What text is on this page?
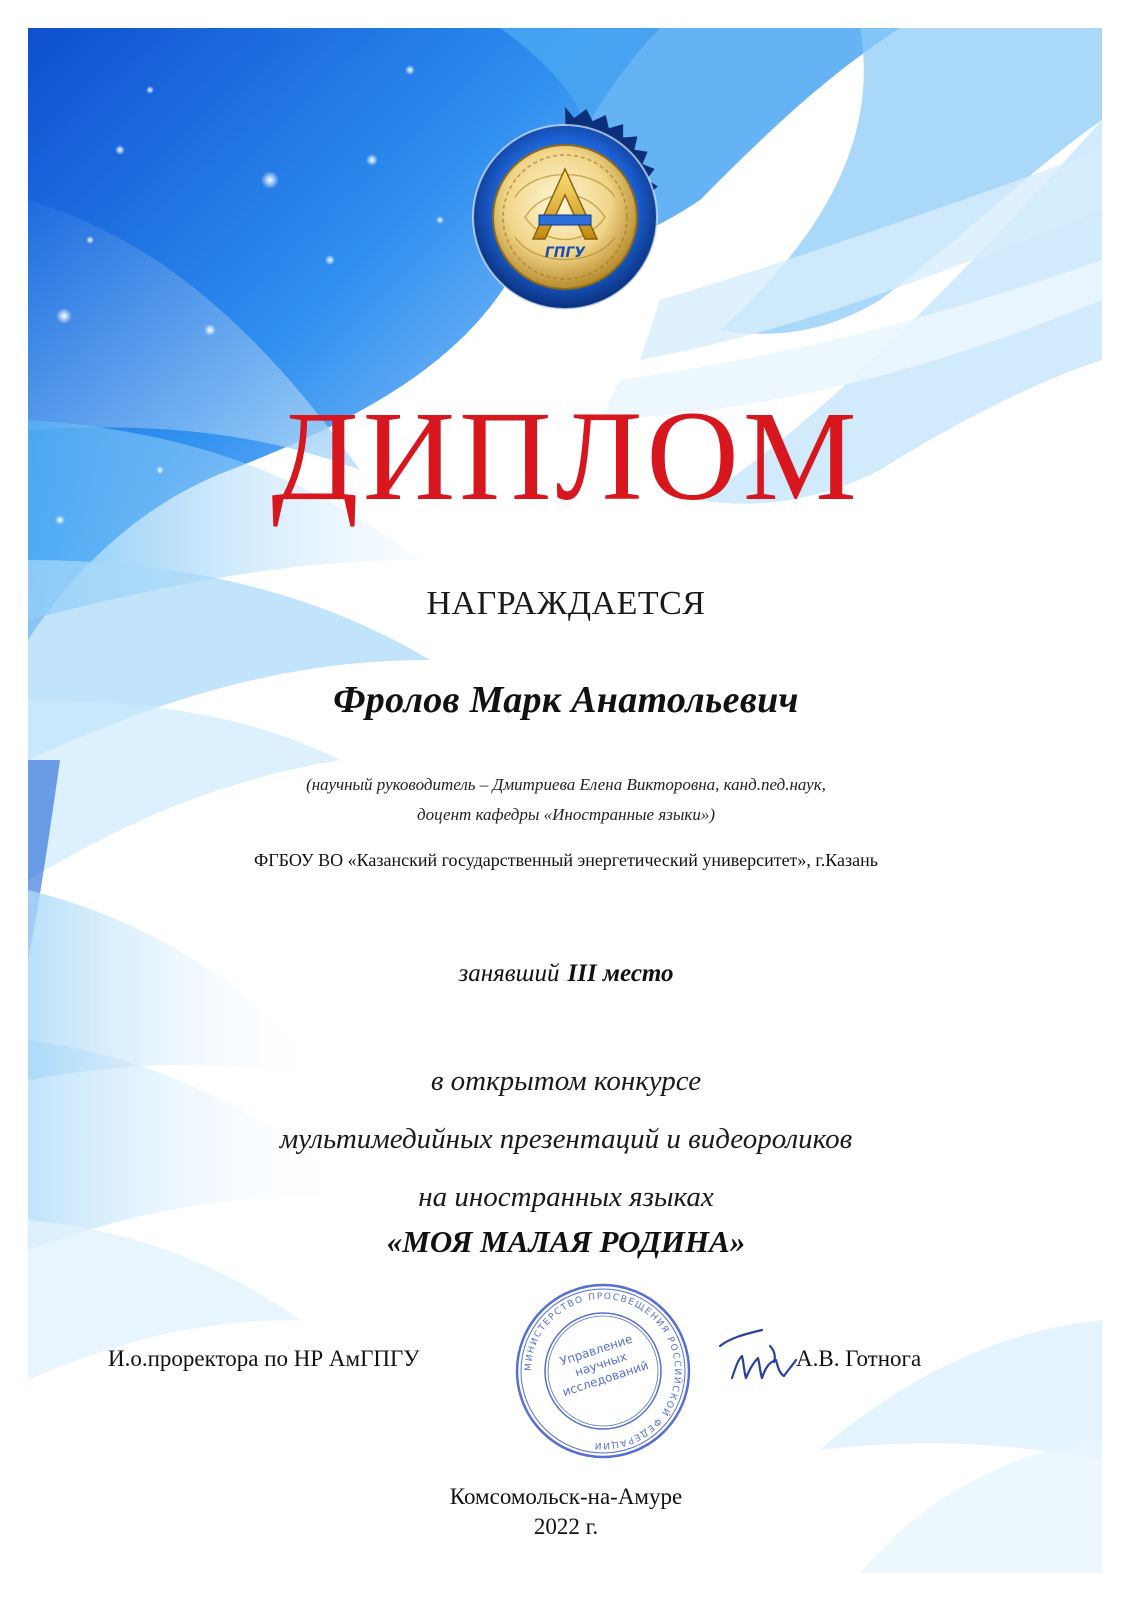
ГПГУ
ДИПЛОМ
НАГРАЖДАЕТСЯ
Фролов Марк Анатольевич
(научный руководитель – Дмитриева Елена Викторовна, канд.пед.наук,
доцент кафедры «Иностранные языки»)
ФГБОУ ВО «Казанский государственный энергетический университет», г.Казань
занявший III место
в открытом конкурсе
мультимедийных презентаций и видеороликов
на иностранных языках
«МОЯ МАЛАЯ РОДИНА»
И.о.проректора по НР АмГПГУ	МИНИСТЕРСТВО ПРОСВЕЩЕНИЯ РОССИЙСКОЙ ФЕДЕРАЦИИ
Управление научных исследований	А.В. Готнога
Комсомольск-на-Амуре
2022 г.
